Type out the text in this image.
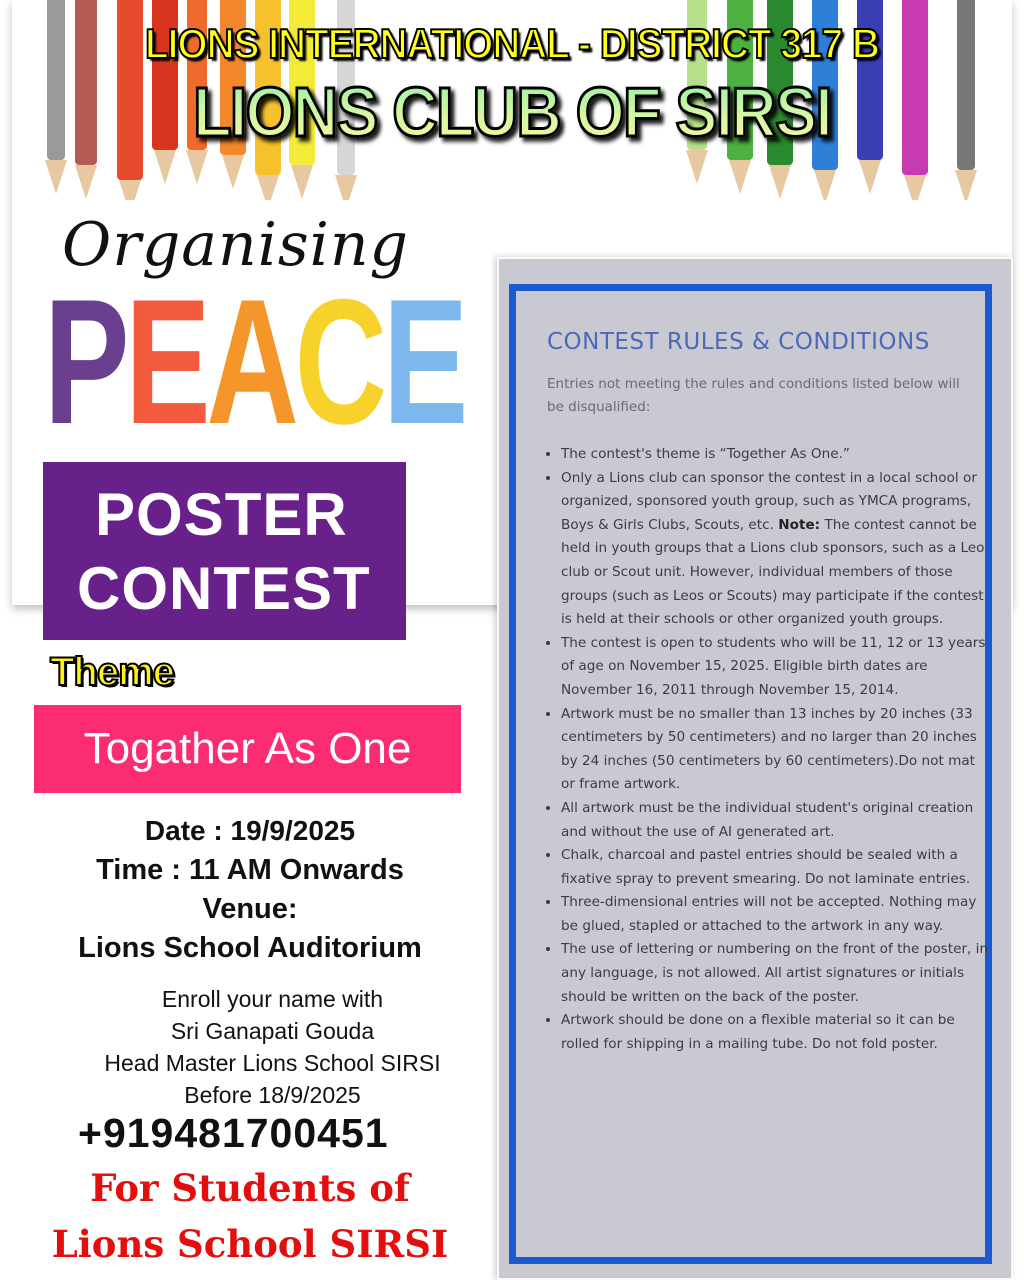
LIONS INTERNATIONAL - DISTRICT 317 B
LIONS CLUB OF SIRSI
Organising
P E A C E
POSTER
CONTEST
Theme
Togather As One
Date : 19/9/2025
Time : 11 AM Onwards
Venue:
Lions School Auditorium
Enroll your name with
Sri Ganapati Gouda
Head Master Lions School SIRSI
Before 18/9/2025
+919481700451
For Students of
Lions School SIRSI
CONTEST RULES & CONDITIONS
Entries not meeting the rules and conditions listed below will be disqualified:
• The contest's theme is “Together As One.”
• Only a Lions club can sponsor the contest in a local school or organized, sponsored youth group, such as YMCA programs, Boys & Girls Clubs, Scouts, etc. Note: The contest cannot be held in youth groups that a Lions club sponsors, such as a Leo club or Scout unit. However, individual members of those groups (such as Leos or Scouts) may participate if the contest is held at their schools or other organized youth groups.
• The contest is open to students who will be 11, 12 or 13 years of age on November 15, 2025. Eligible birth dates are November 16, 2011 through November 15, 2014.
• Artwork must be no smaller than 13 inches by 20 inches (33 centimeters by 50 centimeters) and no larger than 20 inches by 24 inches (50 centimeters by 60 centimeters).Do not mat or frame artwork.
• All artwork must be the individual student's original creation and without the use of AI generated art.
• Chalk, charcoal and pastel entries should be sealed with a fixative spray to prevent smearing. Do not laminate entries.
• Three-dimensional entries will not be accepted. Nothing may be glued, stapled or attached to the artwork in any way.
• The use of lettering or numbering on the front of the poster, in any language, is not allowed. All artist signatures or initials should be written on the back of the poster.
• Artwork should be done on a flexible material so it can be rolled for shipping in a mailing tube. Do not fold poster.
